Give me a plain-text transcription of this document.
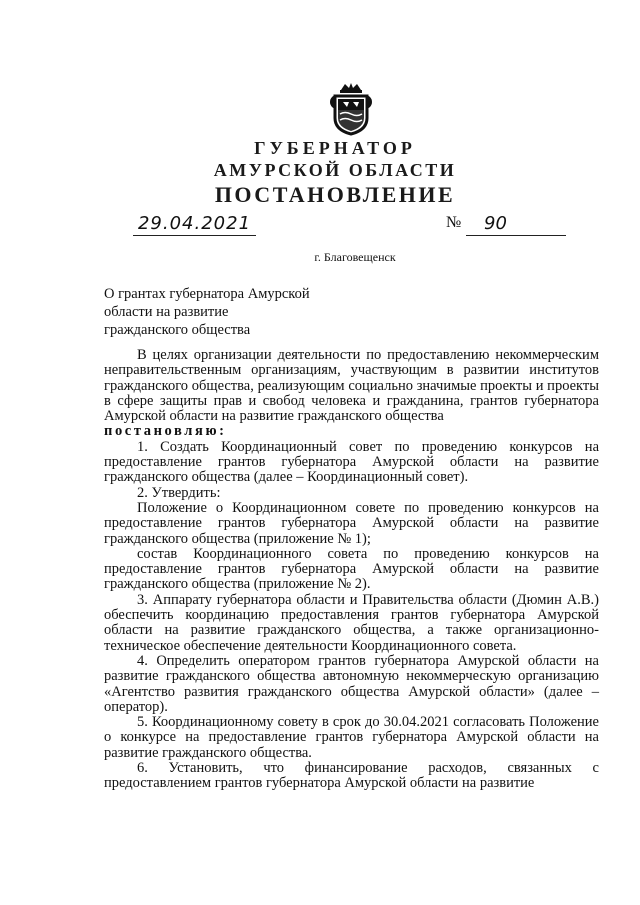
ГУБЕРНАТОР
АМУРСКОЙ ОБЛАСТИ
ПОСТАНОВЛЕНИЕ
29.04.2021	№	90
г. Благовещенск
О грантах губернатора Амурской
области на развитие
гражданского общества

В целях организации деятельности по предоставлению некоммерческим неправительственным организациям, участвующим в развитии институтов гражданского общества, реализующим социально значимые проекты и проекты в сфере защиты прав и свобод человека и гражданина, грантов губернатора Амурской области на развитие гражданского общества

постановляю:

1. Создать Координационный совет по проведению конкурсов на предоставление грантов губернатора Амурской области на развитие гражданского общества (далее – Координационный совет).

2. Утвердить:

Положение о Координационном совете по проведению конкурсов на предоставление грантов губернатора Амурской области на развитие гражданского общества (приложение № 1);

состав Координационного совета по проведению конкурсов на предоставление грантов губернатора Амурской области на развитие гражданского общества (приложение № 2).

3. Аппарату губернатора области и Правительства области (Дюмин А.В.) обеспечить координацию предоставления грантов губернатора Амурской области на развитие гражданского общества, а также организационно-техническое обеспечение деятельности Координационного совета.

4. Определить оператором грантов губернатора Амурской области на развитие гражданского общества автономную некоммерческую организацию «Агентство развития гражданского общества Амурской области» (далее – оператор).

5. Координационному совету в срок до 30.04.2021 согласовать Положение о конкурсе на предоставление грантов губернатора Амурской области на развитие гражданского общества.

6. Установить, что финансирование расходов, связанных с предоставлением грантов губернатора Амурской области на развитие
